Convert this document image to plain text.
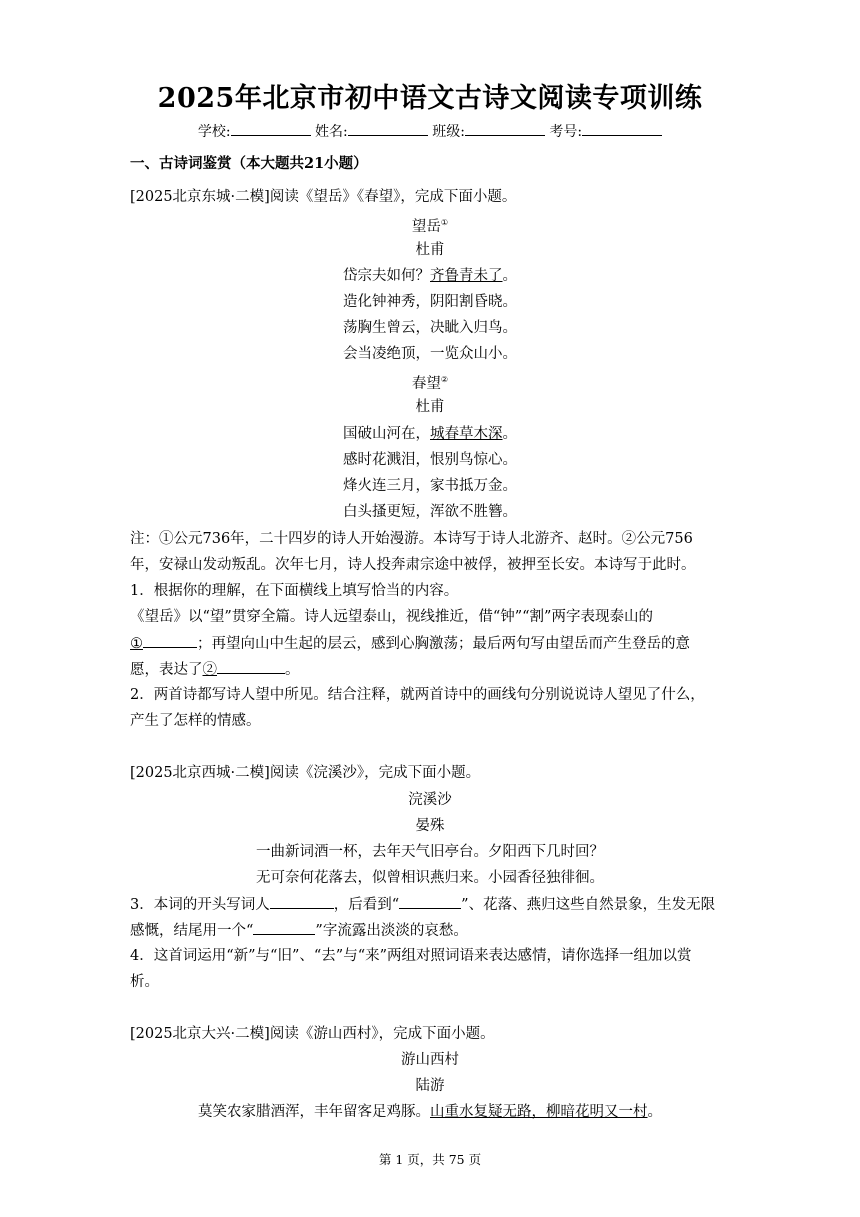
2025年北京市初中语文古诗文阅读专项训练
学校:	姓名:	班级:	考号:
一、古诗词鉴赏（本大题共21小题）
[2025北京东城·二模]阅读《望岳》《春望》，完成下面小题。
望岳①
杜甫
岱宗夫如何？齐鲁青未了。
造化钟神秀，阴阳割昏晓。
荡胸生曾云，决眦入归鸟。
会当凌绝顶，一览众山小。
春望②
杜甫
国破山河在，城春草木深。
感时花溅泪，恨别鸟惊心。
烽火连三月，家书抵万金。
白头搔更短，浑欲不胜簪。
注：①公元736年，二十四岁的诗人开始漫游。本诗写于诗人北游齐、赵时。②公元756
年，安禄山发动叛乱。次年七月，诗人投奔肃宗途中被俘，被押至长安。本诗写于此时。
1．根据你的理解，在下面横线上填写恰当的内容。
《望岳》以“望”贯穿全篇。诗人远望泰山，视线推近，借“钟”“割”两字表现泰山的
①	；再望向山中生起的层云，感到心胸激荡；最后两句写由望岳而产生登岳的意
愿，表达了②	。
2．两首诗都写诗人望中所见。结合注释，就两首诗中的画线句分别说说诗人望见了什么，
产生了怎样的情感。
[2025北京西城·二模]阅读《浣溪沙》，完成下面小题。
浣溪沙
晏殊
一曲新词酒一杯，去年天气旧亭台。夕阳西下几时回？
无可奈何花落去，似曾相识燕归来。小园香径独徘徊。
3．本词的开头写词人	，后看到“	”、花落、燕归这些自然景象，生发无限
感慨，结尾用一个“	”字流露出淡淡的哀愁。
4．这首词运用“新”与“旧”、“去”与“来”两组对照词语来表达感情，请你选择一组加以赏
析。
[2025北京大兴·二模]阅读《游山西村》，完成下面小题。
游山西村
陆游
莫笑农家腊酒浑，丰年留客足鸡豚。山重水复疑无路，柳暗花明又一村。
第 1 页，共 75 页
